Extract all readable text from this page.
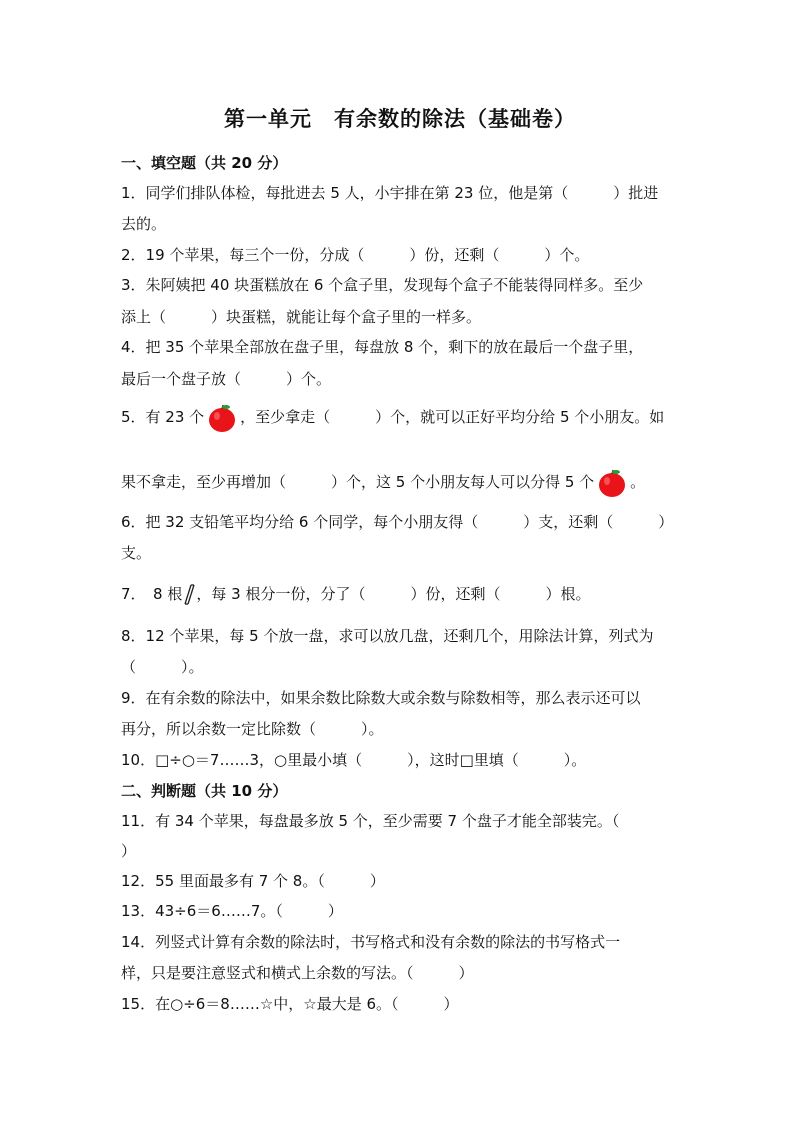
第一单元　有余数的除法（基础卷）
一、填空题（共 20 分）
1．同学们排队体检，每批进去 5 人，小宇排在第 23 位，他是第（　　　）批进
去的。
2．19 个苹果，每三个一份，分成（　　　）份，还剩（　　　）个。
3．朱阿姨把 40 块蛋糕放在 6 个盒子里，发现每个盒子不能装得同样多。至少
添上（　　　）块蛋糕，就能让每个盒子里的一样多。
4．把 35 个苹果全部放在盘子里，每盘放 8 个，剩下的放在最后一个盘子里，
最后一个盘子放（　　　）个。
5．有 23 个 ，至少拿走（　　　）个，就可以正好平均分给 5 个小朋友。如
果不拿走，至少再增加（　　　）个，这 5 个小朋友每人可以分得 5 个 。
6．把 32 支铅笔平均分给 6 个同学，每个小朋友得（　　　）支，还剩（　　　）
支。
7．　8 根 ，每 3 根分一份，分了（　　　）份，还剩（　　　）根。
8．12 个苹果，每 5 个放一盘，求可以放几盘，还剩几个，用除法计算，列式为
（　　　）。
9．在有余数的除法中，如果余数比除数大或余数与除数相等，那么表示还可以
再分，所以余数一定比除数（　　　）。
10．□÷○＝7……3，○里最小填（　　　），这时□里填（　　　）。
二、判断题（共 10 分）
11．有 34 个苹果，每盘最多放 5 个，至少需要 7 个盘子才能全部装完。（
）
12．55 里面最多有 7 个 8。（　　　）
13．43÷6＝6……7。（　　　）
14．列竖式计算有余数的除法时，书写格式和没有余数的除法的书写格式一
样，只是要注意竖式和横式上余数的写法。（　　　）
15．在○÷6＝8……☆中，☆最大是 6。（　　　）
